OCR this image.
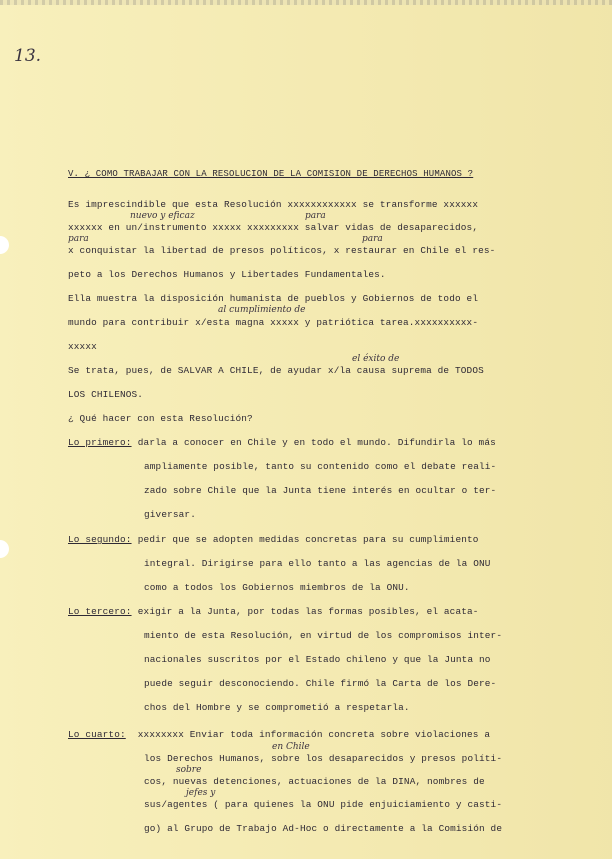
13.
V. ¿ COMO TRABAJAR CON LA RESOLUCION DE LA COMISION DE DERECHOS HUMANOS ?
Es imprescindible que esta Resolución xxxxxxxxxxxx se transforme xxxxxx
nuevo y eficaz	para
xxxxxx en un/instrumento xxxxx xxxxxxxxx salvar vidas de desaparecidos,
para	para
x conquistar la libertad de presos políticos, x restaurar en Chile el res-
peto a los Derechos Humanos y Libertades Fundamentales.
Ella muestra la disposición humanista de pueblos y Gobiernos de todo el
al cumplimiento de
mundo para contribuir x/esta magna xxxxx y patriótica tarea.xxxxxxxxxx-
xxxxx
el éxito de
Se trata, pues, de SALVAR A CHILE, de ayudar x/la causa suprema de TODOS
LOS CHILENOS.
¿ Qué hacer con esta Resolución?
Lo primero: darla a conocer en Chile y en todo el mundo. Difundirla lo más
ampliamente posible, tanto su contenido como el debate reali-
zado sobre Chile que la Junta tiene interés en ocultar o ter-
giversar.
Lo segundo: pedir que se adopten medidas concretas para su cumplimiento
integral. Dirigirse para ello tanto a las agencias de la ONU
como a todos los Gobiernos miembros de la ONU.
Lo tercero: exigir a la Junta, por todas las formas posibles, el acata-
miento de esta Resolución, en virtud de los compromisos inter-
nacionales suscritos por el Estado chileno y que la Junta no
puede seguir desconociendo. Chile firmó la Carta de los Dere-
chos del Hombre y se comprometió a respetarla.
Lo cuarto: xxxxxxxx Enviar toda información concreta sobre violaciones a
en Chile
los Derechos Humanos, sobre los desaparecidos y presos políti-
sobre
cos, nuevas detenciones, actuaciones de la DINA, nombres de
jefes y
sus/agentes ( para quienes la ONU pide enjuiciamiento y casti-
go) al Grupo de Trabajo Ad-Hoc o directamente a la Comisión de
